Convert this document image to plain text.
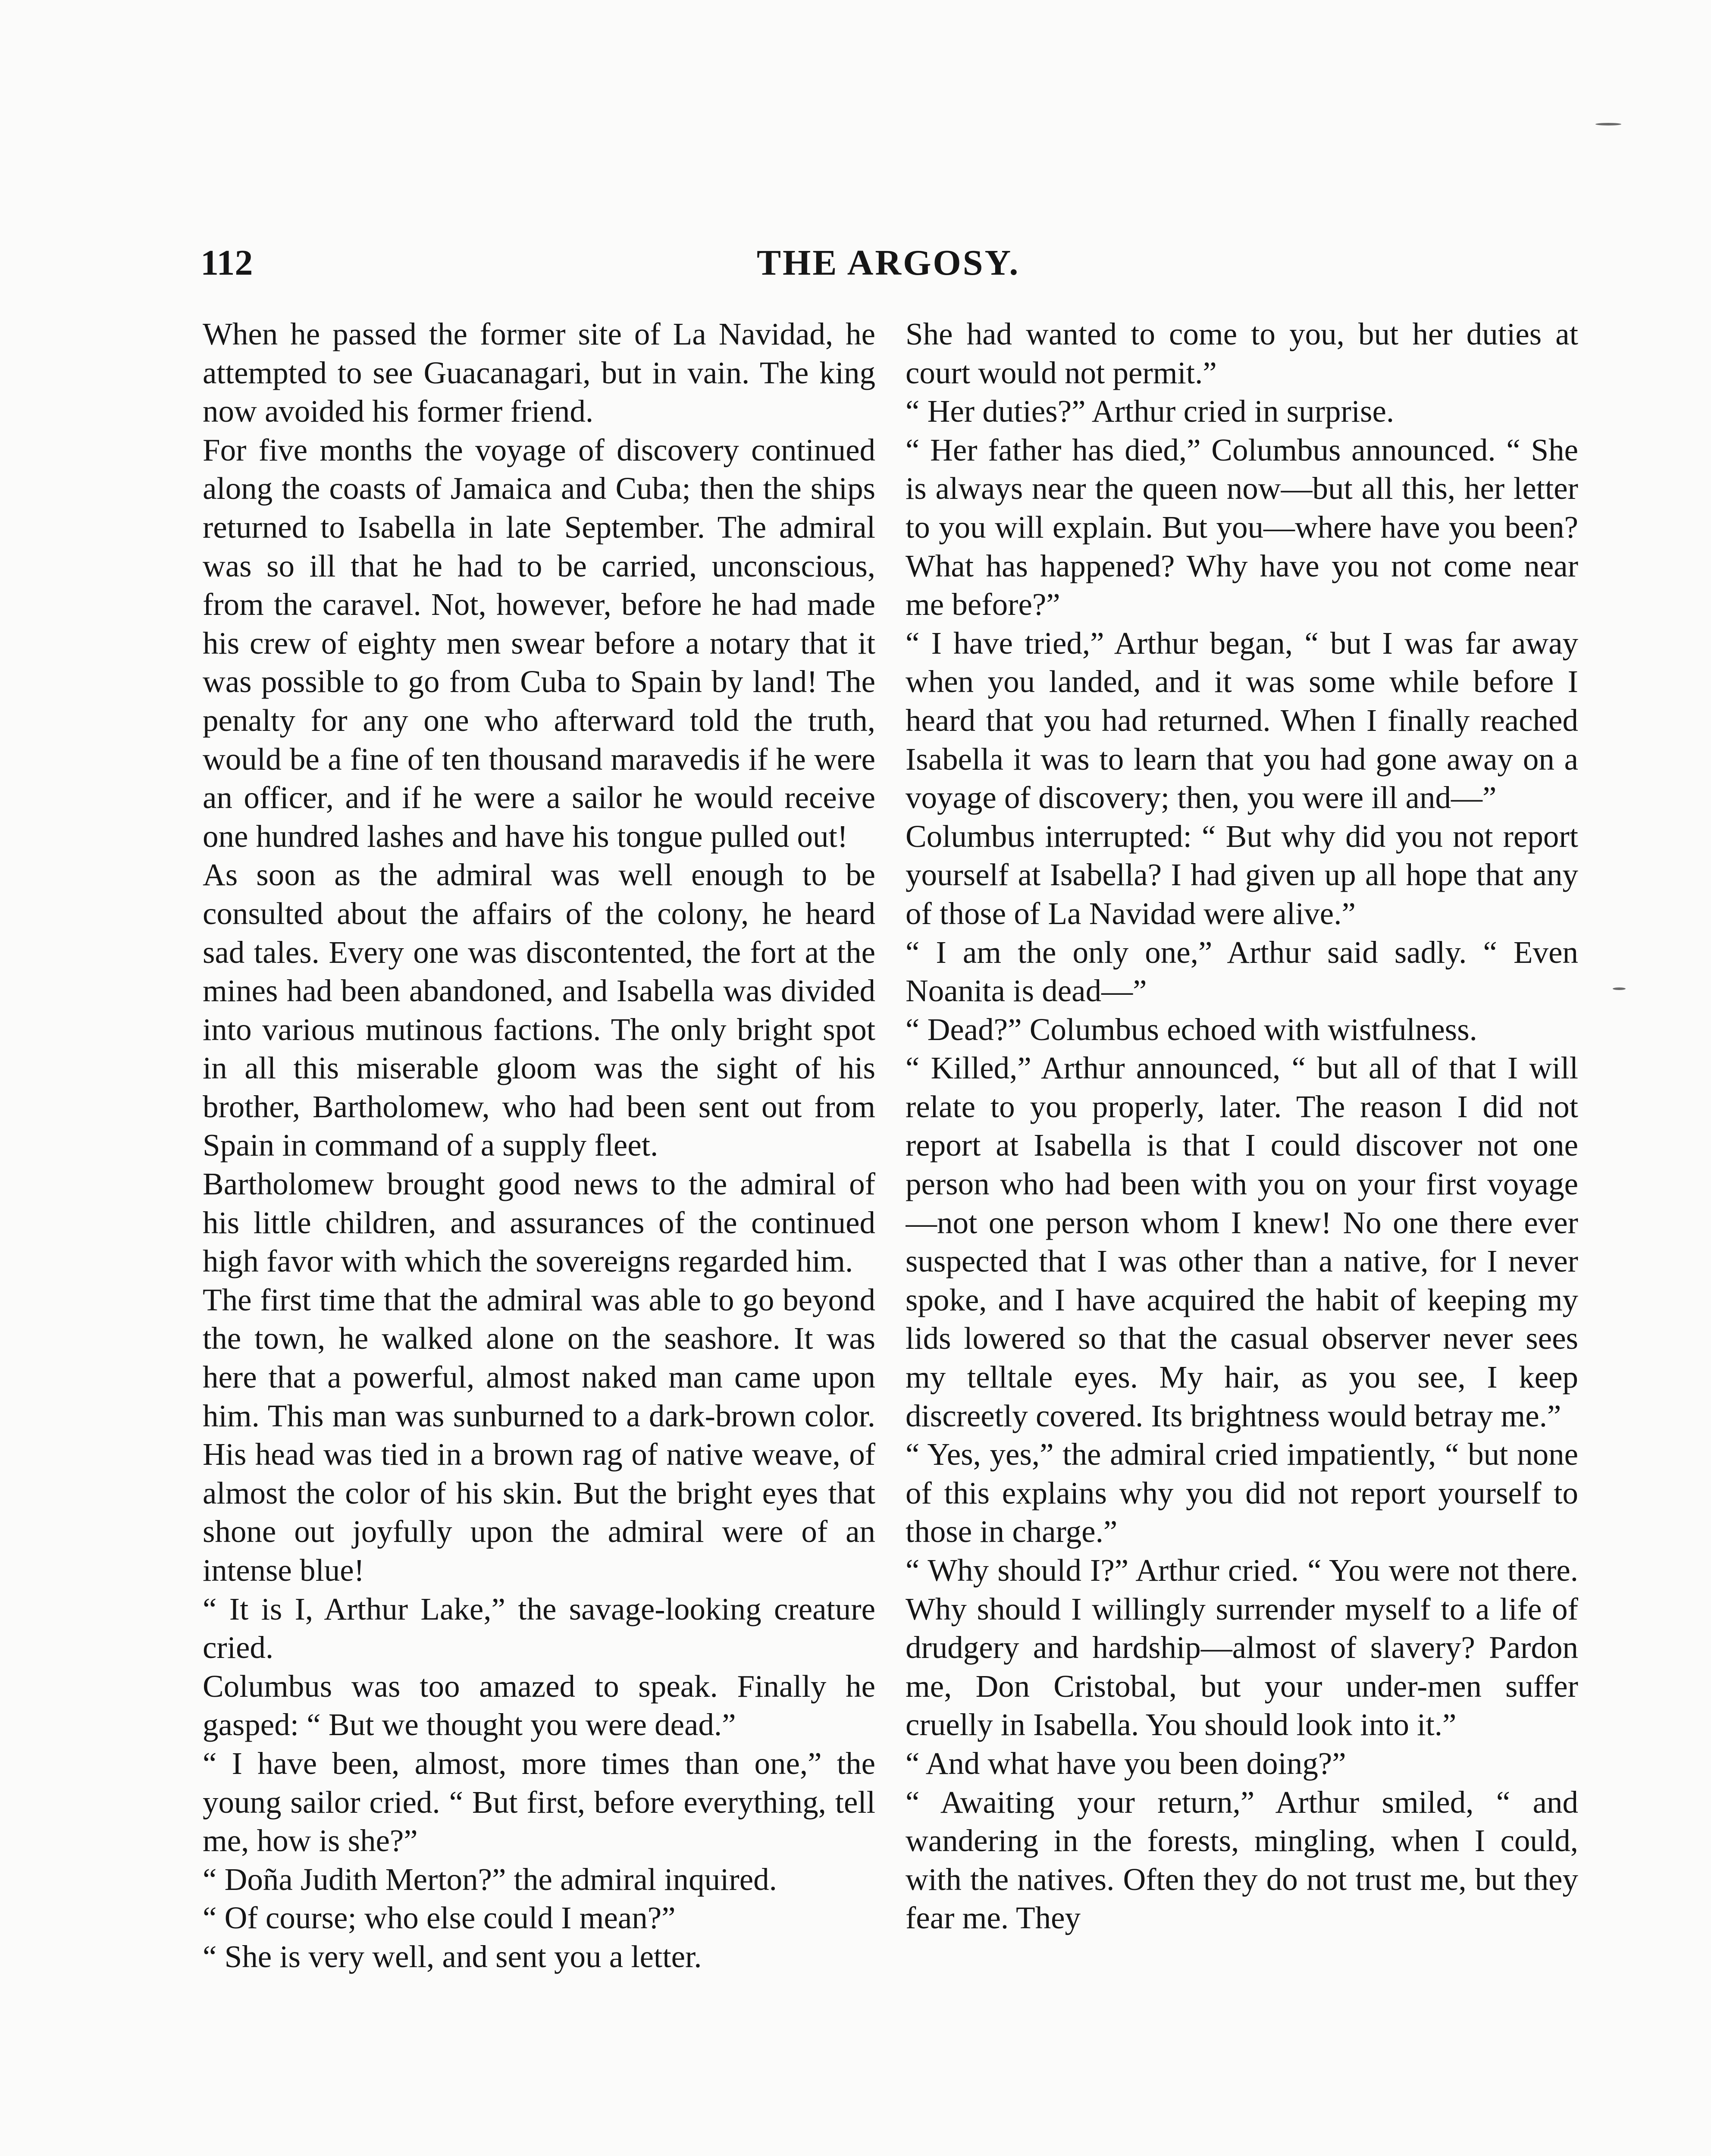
112	THE ARGOSY.

When he passed the former site of La Navidad, he attempted to see Guacanagari, but in vain. The king now avoided his former friend.

For five months the voyage of discovery continued along the coasts of Jamaica and Cuba; then the ships returned to Isabella in late September. The admiral was so ill that he had to be carried, unconscious, from the caravel. Not, however, before he had made his crew of eighty men swear before a notary that it was possible to go from Cuba to Spain by land! The penalty for any one who afterward told the truth, would be a fine of ten thousand maravedis if he were an officer, and if he were a sailor he would receive one hundred lashes and have his tongue pulled out!

As soon as the admiral was well enough to be consulted about the affairs of the colony, he heard sad tales. Every one was discontented, the fort at the mines had been abandoned, and Isabella was divided into various mutinous factions. The only bright spot in all this miserable gloom was the sight of his brother, Bartholomew, who had been sent out from Spain in command of a supply fleet.

Bartholomew brought good news to the admiral of his little children, and assurances of the continued high favor with which the sovereigns regarded him.

The first time that the admiral was able to go beyond the town, he walked alone on the seashore. It was here that a powerful, almost naked man came upon him. This man was sunburned to a dark-brown color. His head was tied in a brown rag of native weave, of almost the color of his skin. But the bright eyes that shone out joyfully upon the admiral were of an intense blue!

“ It is I, Arthur Lake,” the savage-looking creature cried.

Columbus was too amazed to speak. Finally he gasped: “ But we thought you were dead.”

“ I have been, almost, more times than one,” the young sailor cried. “ But first, before everything, tell me, how is she?”

“ Doña Judith Merton?” the admiral inquired.

“ Of course; who else could I mean?”

“ She is very well, and sent you a letter.

She had wanted to come to you, but her duties at court would not permit.”

“ Her duties?” Arthur cried in surprise.

“ Her father has died,” Columbus announced. “ She is always near the queen now—but all this, her letter to you will explain. But you—where have you been? What has happened? Why have you not come near me before?”

“ I have tried,” Arthur began, “ but I was far away when you landed, and it was some while before I heard that you had returned. When I finally reached Isabella it was to learn that you had gone away on a voyage of discovery; then, you were ill and—”

Columbus interrupted: “ But why did you not report yourself at Isabella? I had given up all hope that any of those of La Navidad were alive.”

“ I am the only one,” Arthur said sadly. “ Even Noanita is dead—”

“ Dead?” Columbus echoed with wistfulness.

“ Killed,” Arthur announced, “ but all of that I will relate to you properly, later. The reason I did not report at Isabella is that I could discover not one person who had been with you on your first voyage—not one person whom I knew! No one there ever suspected that I was other than a native, for I never spoke, and I have acquired the habit of keeping my lids lowered so that the casual observer never sees my telltale eyes. My hair, as you see, I keep discreetly covered. Its brightness would betray me.”

“ Yes, yes,” the admiral cried impatiently, “ but none of this explains why you did not report yourself to those in charge.”

“ Why should I?” Arthur cried. “ You were not there. Why should I willingly surrender myself to a life of drudgery and hardship—almost of slavery? Pardon me, Don Cristobal, but your under-men suffer cruelly in Isabella. You should look into it.”

“ And what have you been doing?”

“ Awaiting your return,” Arthur smiled, “ and wandering in the forests, mingling, when I could, with the natives. Often they do not trust me, but they fear me. They
